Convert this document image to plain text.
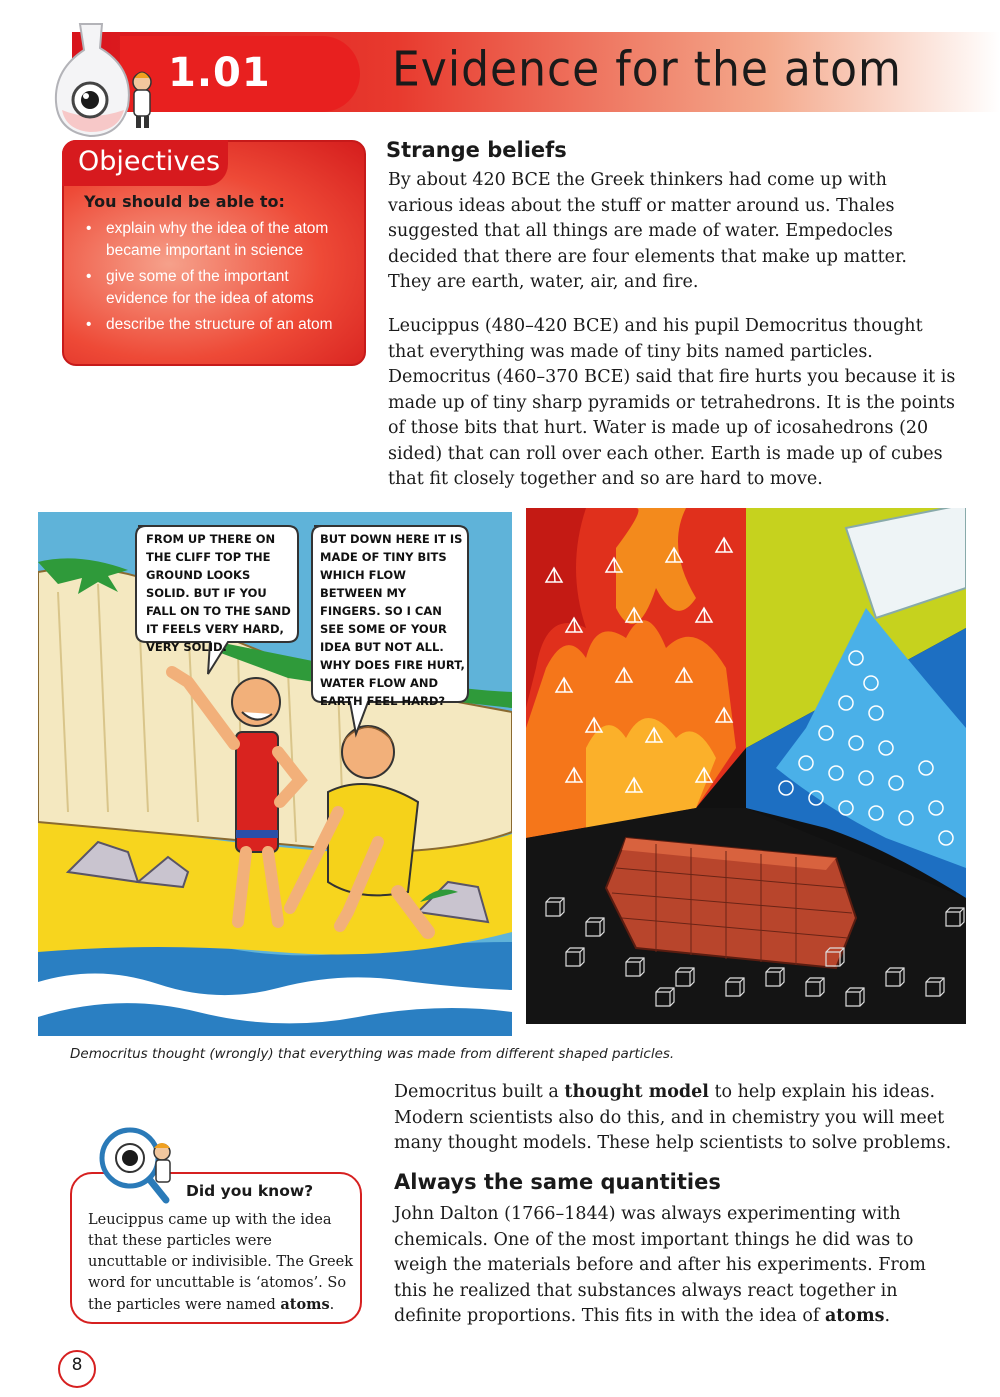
1.01	Evidence for the atom
Objectives
You should be able to:
• explain why the idea of the atom became important in science
• give some of the important evidence for the idea of atoms
• describe the structure of an atom
Strange beliefs

By about 420 BCE the Greek thinkers had come up with various ideas about the stuff or matter around us. Thales suggested that all things are made of water. Empedocles decided that there are four elements that make up matter. They are earth, water, air, and fire.

Leucippus (480–420 BCE) and his pupil Democritus thought that everything was made of tiny bits named particles. Democritus (460–370 BCE) said that fire hurts you because it is made up of tiny sharp pyramids or tetrahedrons. It is the points of those bits that hurt. Water is made up of icosahedrons (20 sided) that can roll over each other. Earth is made up of cubes that fit closely together and so are hard to move.

FROM UP THERE ON THE CLIFF TOP THE GROUND LOOKS SOLID. BUT IF YOU FALL ON TO THE SAND IT FEELS VERY HARD, VERY SOLID.
BUT DOWN HERE IT IS MADE OF TINY BITS WHICH FLOW BETWEEN MY FINGERS. SO I CAN SEE SOME OF YOUR IDEA BUT NOT ALL. WHY DOES FIRE HURT, WATER FLOW AND EARTH FEEL HARD?
Democritus thought (wrongly) that everything was made from different shaped particles.

Democritus built a thought model to help explain his ideas. Modern scientists also do this, and in chemistry you will meet many thought models. These help scientists to solve problems.

Always the same quantities

John Dalton (1766–1844) was always experimenting with chemicals. One of the most important things he did was to weigh the materials before and after his experiments. From this he realized that substances always react together in definite proportions. This fits in with the idea of atoms.

Did you know?
Leucippus came up with the idea that these particles were uncuttable or indivisible. The Greek word for uncuttable is ‘atomos’. So the particles were named atoms.
8
